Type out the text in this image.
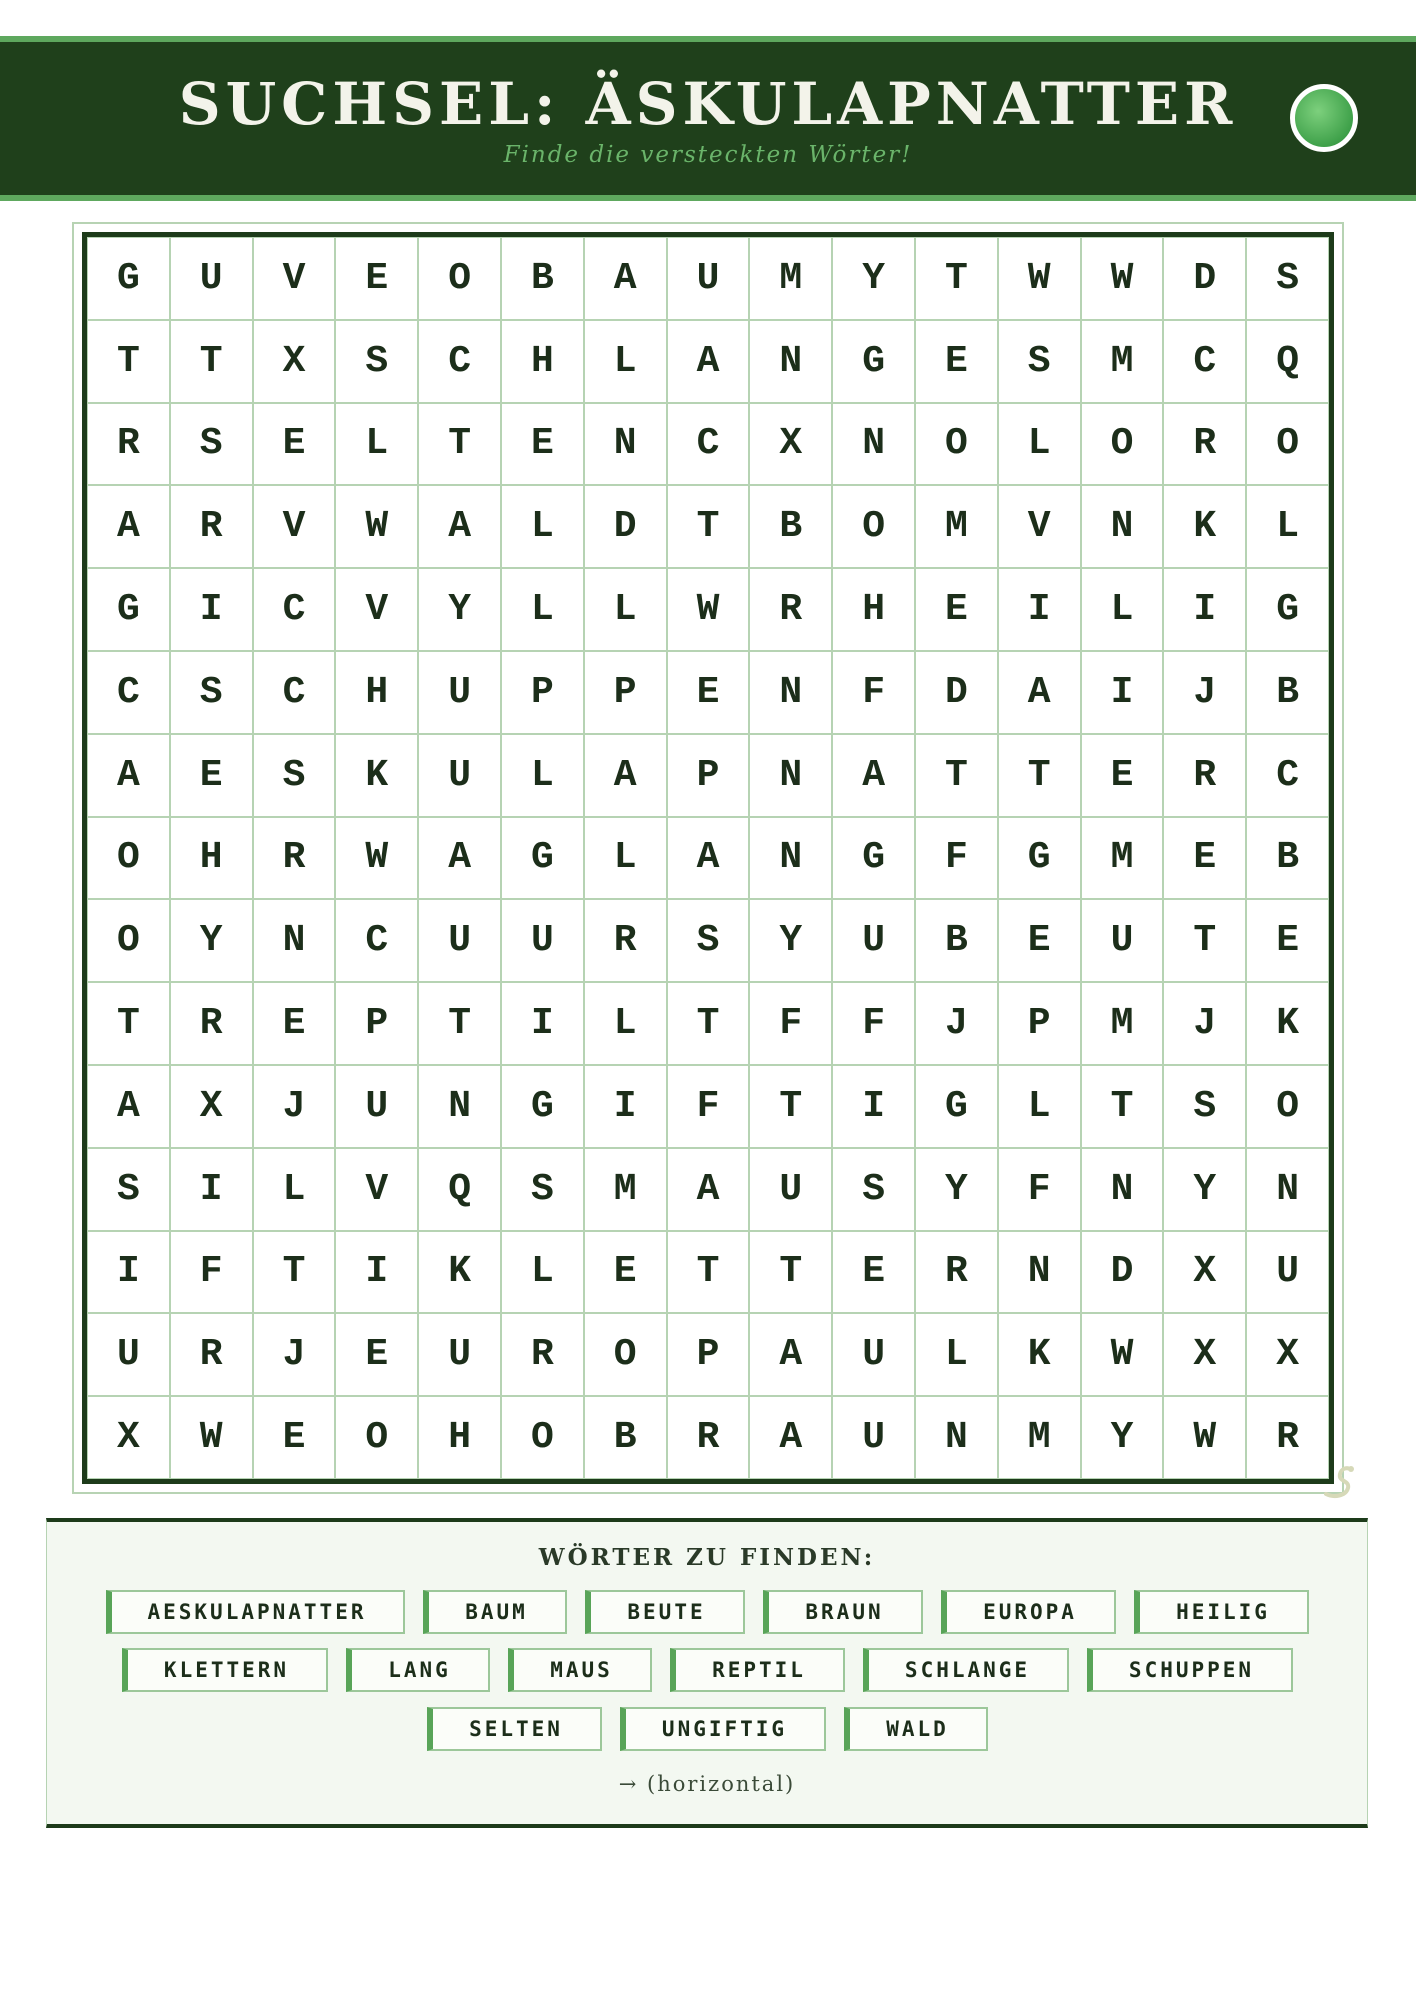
SUCHSEL: ÄSKULAPNATTER
Finde die versteckten Wörter!
G	U	V	E	O	B	A	U	M	Y	T	W	W	D	S
T	T	X	S	C	H	L	A	N	G	E	S	M	C	Q
R	S	E	L	T	E	N	C	X	N	O	L	O	R	O
A	R	V	W	A	L	D	T	B	O	M	V	N	K	L
G	I	C	V	Y	L	L	W	R	H	E	I	L	I	G
C	S	C	H	U	P	P	E	N	F	D	A	I	J	B
A	E	S	K	U	L	A	P	N	A	T	T	E	R	C
O	H	R	W	A	G	L	A	N	G	F	G	M	E	B
O	Y	N	C	U	U	R	S	Y	U	B	E	U	T	E
T	R	E	P	T	I	L	T	F	F	J	P	M	J	K
A	X	J	U	N	G	I	F	T	I	G	L	T	S	O
S	I	L	V	Q	S	M	A	U	S	Y	F	N	Y	N
I	F	T	I	K	L	E	T	T	E	R	N	D	X	U
U	R	J	E	U	R	O	P	A	U	L	K	W	X	X
X	W	E	O	H	O	B	R	A	U	N	M	Y	W	R
WÖRTER ZU FINDEN:
AESKULAPNATTER	BAUM	BEUTE	BRAUN	EUROPA	HEILIG
KLETTERN	LANG	MAUS	REPTIL	SCHLANGE	SCHUPPEN
SELTEN	UNGIFTIG	WALD
→ (horizontal)
